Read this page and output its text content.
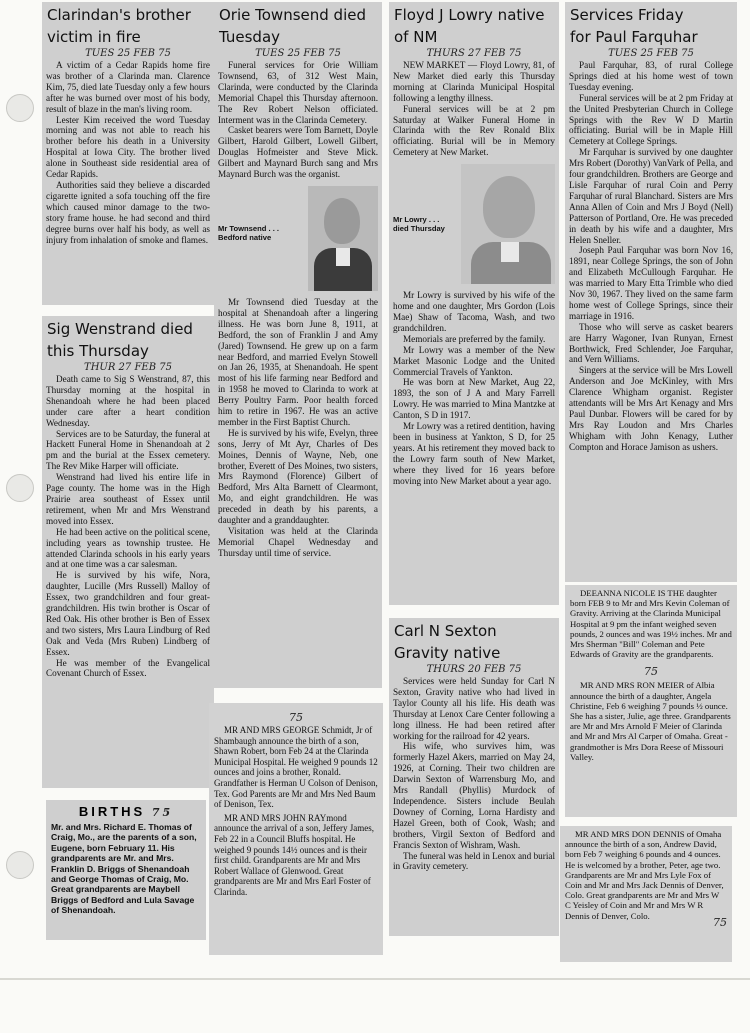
Clarindan's brother victim in fire
TUES 25 FEB 75

A victim of a Cedar Rapids home fire was brother of a Clarinda man. Clarence Kim, 75, died late Tuesday only a few hours after he was burned over most of his body, result of blaze in the man's living room.

Lester Kim received the word Tuesday morning and was not able to reach his brother before his death in a University Hospital at Iowa City. The brother lived alone in Southeast side residential area of Cedar Rapids.

Authorities said they believe a discarded cigarette ignited a sofa touching off the fire which caused minor damage to the two-story frame house. he had second and third degree burns over half his body, as well as injury from inhalation of smoke and flames.

Sig Wenstrand died this Thursday
THUR 27 FEB 75

Death came to Sig S Wenstrand, 87, this Thursday morning at the hospital in Shenandoah where he had been placed under care after a heart condition Wednesday.

Services are to be Saturday, the funeral at Hackett Funeral Home in Shenandoah at 2 pm and the burial at the Essex cemetery. The Rev Mike Harper will officiate.

Wenstrand had lived his entire life in Page county. The home was in the High Prairie area southeast of Essex until retirement, when Mr and Mrs Wenstrand moved into Essex.

He had been active on the political scene, including years as township trustee. He attended Clarinda schools in his early years and at one time was a car salesman.

He is survived by his wife, Nora, daughter, Lucille (Mrs Russell) Malloy of Essex, two grandchildren and four great-grandchildren. His twin brother is Oscar of Red Oak. His other brother is Ben of Essex and two sisters, Mrs Laura Lindburg of Red Oak and Veda (Mrs Ruben) Lindberg of Essex.

He was member of the Evangelical Covenant Church of Essex.

BIRTHS 75
Mr. and Mrs. Richard E. Thomas of Craig, Mo., are the parents of a son, Eugene, born February 11. His grandparents are Mr. and Mrs. Franklin D. Briggs of Shenandoah and George Thomas of Craig, Mo. Great grandparents are Maybell Briggs of Bedford and Lula Savage of Shenandoah.
Orie Townsend died Tuesday
TUES 25 FEB 75

Funeral services for Orie William Townsend, 63, of 312 West Main, Clarinda, were conducted by the Clarinda Memorial Chapel this Thursday afternoon. The Rev Robert Nelson officiated. Interment was in the Clarinda Cemetery.

Casket bearers were Tom Barnett, Doyle Gilbert, Harold Gilbert, Lowell Gilbert, Douglas Hofmeister and Steve Mick. Gilbert and Maynard Burch sang and Mrs Maynard Burch was the organist.

Mr Townsend . . . Bedford native

Mr Townsend died Tuesday at the hospital at Shenandoah after a lingering illness. He was born June 8, 1911, at Bedford, the son of Franklin J and Amy (Jared) Townsend. He grew up on a farm near Bedford, and married Evelyn Stowell on Jan 26, 1935, at Shenandoah. He spent most of his life farming near Bedford and in 1958 he moved to Clarinda to work at Berry Poultry Farm. Poor health forced him to retire in 1967. He was an active member in the First Baptist Church.

He is survived by his wife, Evelyn, three sons, Jerry of Mt Ayr, Charles of Des Moines, Dennis of Wayne, Neb, one brother, Everett of Des Moines, two sisters, Mrs Raymond (Florence) Gilbert of Bedford, Mrs Alta Barnett of Clearmont, Mo, and eight grandchildren. He was preceded in death by his parents, a daughter and a granddaughter.

Visitation was held at the Clarinda Memorial Chapel Wednesday and Thursday until time of service.

75
MR AND MRS GEORGE Schmidt, Jr of Shambaugh announce the birth of a son, Shawn Robert, born Feb 24 at the Clarinda Municipal Hospital. He weighed 9 pounds 12 ounces and joins a brother, Ronald. Grandfather is Herman U Colson of Denison, Tex. God Parents are Mr and Mrs Ned Baum of Denison, Tex.
MR AND MRS JOHN RAYmond announce the arrival of a son, Jeffery James, Feb 22 in a Council Bluffs hospital. He weighed 9 pounds 14½ ounces and is their first child. Grandparents are Mr and Mrs Robert Wallace of Glenwood. Great grandparents are Mr and Mrs Earl Foster of Clarinda.
Floyd J Lowry native of NM
THURS 27 FEB 75

NEW MARKET — Floyd Lowry, 81, of New Market died early this Thursday morning at Clarinda Municipal Hospital following a lengthy illness.

Funeral services will be at 2 pm Saturday at Walker Funeral Home in Clarinda with the Rev Ronald Blix officiating. Burial will be in Memory Cemetery at New Market.

Mr Lowry . . . died Thursday

Mr Lowry is survived by his wife of the home and one daughter, Mrs Gordon (Lois Mae) Shaw of Tacoma, Wash, and two grandchildren.

Memorials are preferred by the family.

Mr Lowry was a member of the New Market Masonic Lodge and the United Commercial Travels of Yankton.

He was born at New Market, Aug 22, 1893, the son of J A and Mary Farrell Lowry. He was married to Mina Mantzke at Canton, S D in 1917.

Mr Lowry was a retired dentition, having been in business at Yankton, S D, for 25 years. At his retirement they moved back to the Lowry farm south of New Market, where they lived for 16 years before moving into New Market about a year ago.

Carl N Sexton Gravity native
THURS 20 FEB 75

Services were held Sunday for Carl N Sexton, Gravity native who had lived in Taylor County all his life. His death was Thursday at Lenox Care Center following a long illness. He had been retired after working for the railroad for 42 years.

His wife, who survives him, was formerly Hazel Akers, married on May 24, 1926, at Corning. Their two children are Darwin Sexton of Warrensburg Mo, and Mrs Randall (Phyllis) Murdock of Independence. Sisters include Beulah Downey of Corning, Lorna Hardisty and Hazel Green, both of Cook, Wash; and brothers, Virgil Sexton of Bedford and Francis Sexton of Wishram, Wash.

The funeral was held in Lenox and burial in Gravity cemetery.

Services Friday for Paul Farquhar
TUES 25 FEB 75

Paul Farquhar, 83, of rural College Springs died at his home west of town Tuesday evening.

Funeral services will be at 2 pm Friday at the United Presbyterian Church in College Springs with the Rev W D Martin officiating. Burial will be in Maple Hill Cemetery at College Springs.

Mr Farquhar is survived by one daughter Mrs Robert (Dorothy) VanVark of Pella, and four grandchildren. Brothers are George and Lisle Farquhar of rural Coin and Perry Farquhar of rural Blanchard. Sisters are Mrs Anna Allen of Coin and Mrs J Boyd (Nell) Patterson of Portland, Ore. He was preceded in death by his wife and a daughter, Mrs Helen Sneller.

Joseph Paul Farquhar was born Nov 16, 1891, near College Springs, the son of John and Elizabeth McCullough Farquhar. He was married to Mary Etta Trimble who died Nov 30, 1967. They lived on the same farm home west of College Springs, since their marriage in 1916.

Those who will serve as casket bearers are Harry Wagoner, Ivan Runyan, Ernest Borthwick, Fred Schlender, Joe Farquhar, and Vern Williams.

Singers at the service will be Mrs Lowell Anderson and Joe McKinley, with Mrs Clarence Whigham organist. Register attendants will be Mrs Art Kenagy and Mrs Paul Dunbar. Flowers will be cared for by Mrs Ray Loudon and Mrs Charles Whigham with John Kenagy, Luther Compton and Horace Jamison as ushers.

DEEANNA NICOLE IS THE daughter born FEB 9 to Mr and Mrs Kevin Coleman of Gravity. Arriving at the Clarinda Municipal Hospital at 9 pm the infant weighed seven pounds, 2 ounces and was 19½ inches. Mr and Mrs Sherman "Bill" Coleman and Pete Edwards of Gravity are the grandparents.
75
MR AND MRS RON MEIER of Albia announce the birth of a daughter, Angela Christine, Feb 6 weighing 7 pounds ½ ounce. She has a sister, Julie, age three. Grandparents are Mr and Mrs Arnold F Meier of Clarinda and Mr and Mrs Al Carper of Omaha. Great - grandmother is Mrs Dora Reese of Missouri Valley.
MR AND MRS DON DENNIS of Omaha announce the birth of a son, Andrew David, born Feb 7 weighing 6 pounds and 4 ounces. He is welcomed by a brother, Peter, age two. Grandparents are Mr and Mrs Lyle Fox of Coin and Mr and Mrs Jack Dennis of Denver, Colo. Great grandparents are Mr and Mrs W C Yeisley of Coin and Mr and Mrs W R Dennis of Denver, Colo.
75
